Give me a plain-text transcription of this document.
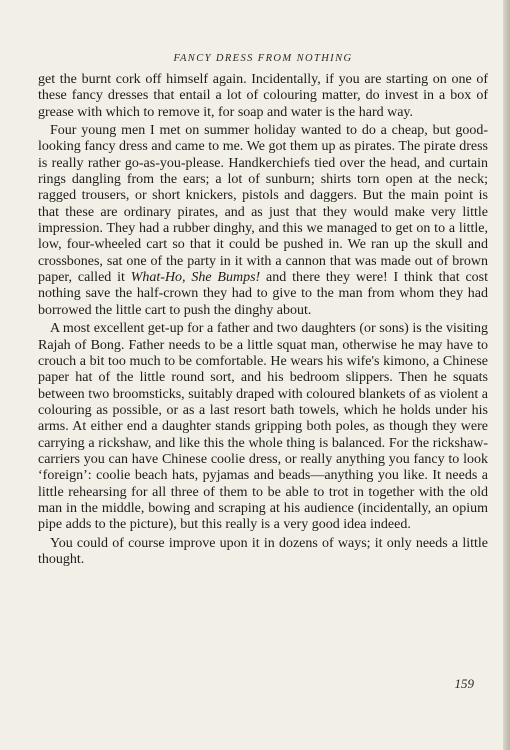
FANCY DRESS FROM NOTHING

get the burnt cork off himself again. Incidentally, if you are starting on one of these fancy dresses that entail a lot of colouring matter, do invest in a box of grease with which to remove it, for soap and water is the hard way.

Four young men I met on summer holiday wanted to do a cheap, but good-looking fancy dress and came to me. We got them up as pirates. The pirate dress is really rather go-as-you-please. Handkerchiefs tied over the head, and curtain rings dangling from the ears; a lot of sunburn; shirts torn open at the neck; ragged trousers, or short knickers, pistols and daggers. But the main point is that these are ordinary pirates, and as just that they would make very little impression. They had a rubber dinghy, and this we managed to get on to a little, low, four-wheeled cart so that it could be pushed in. We ran up the skull and crossbones, sat one of the party in it with a cannon that was made out of brown paper, called it What-Ho, She Bumps! and there they were! I think that cost nothing save the half-crown they had to give to the man from whom they had borrowed the little cart to push the dinghy about.

A most excellent get-up for a father and two daughters (or sons) is the visiting Rajah of Bong. Father needs to be a little squat man, otherwise he may have to crouch a bit too much to be comfortable. He wears his wife's kimono, a Chinese paper hat of the little round sort, and his bedroom slippers. Then he squats between two broomsticks, suitably draped with coloured blankets of as violent a colouring as possible, or as a last resort bath towels, which he holds under his arms. At either end a daughter stands gripping both poles, as though they were carrying a rickshaw, and like this the whole thing is balanced. For the rickshaw-carriers you can have Chinese coolie dress, or really anything you fancy to look ‘foreign’: coolie beach hats, pyjamas and beads—anything you like. It needs a little rehearsing for all three of them to be able to trot in together with the old man in the middle, bowing and scraping at his audience (incidentally, an opium pipe adds to the picture), but this really is a very good idea indeed.

You could of course improve upon it in dozens of ways; it only needs a little thought.

159
